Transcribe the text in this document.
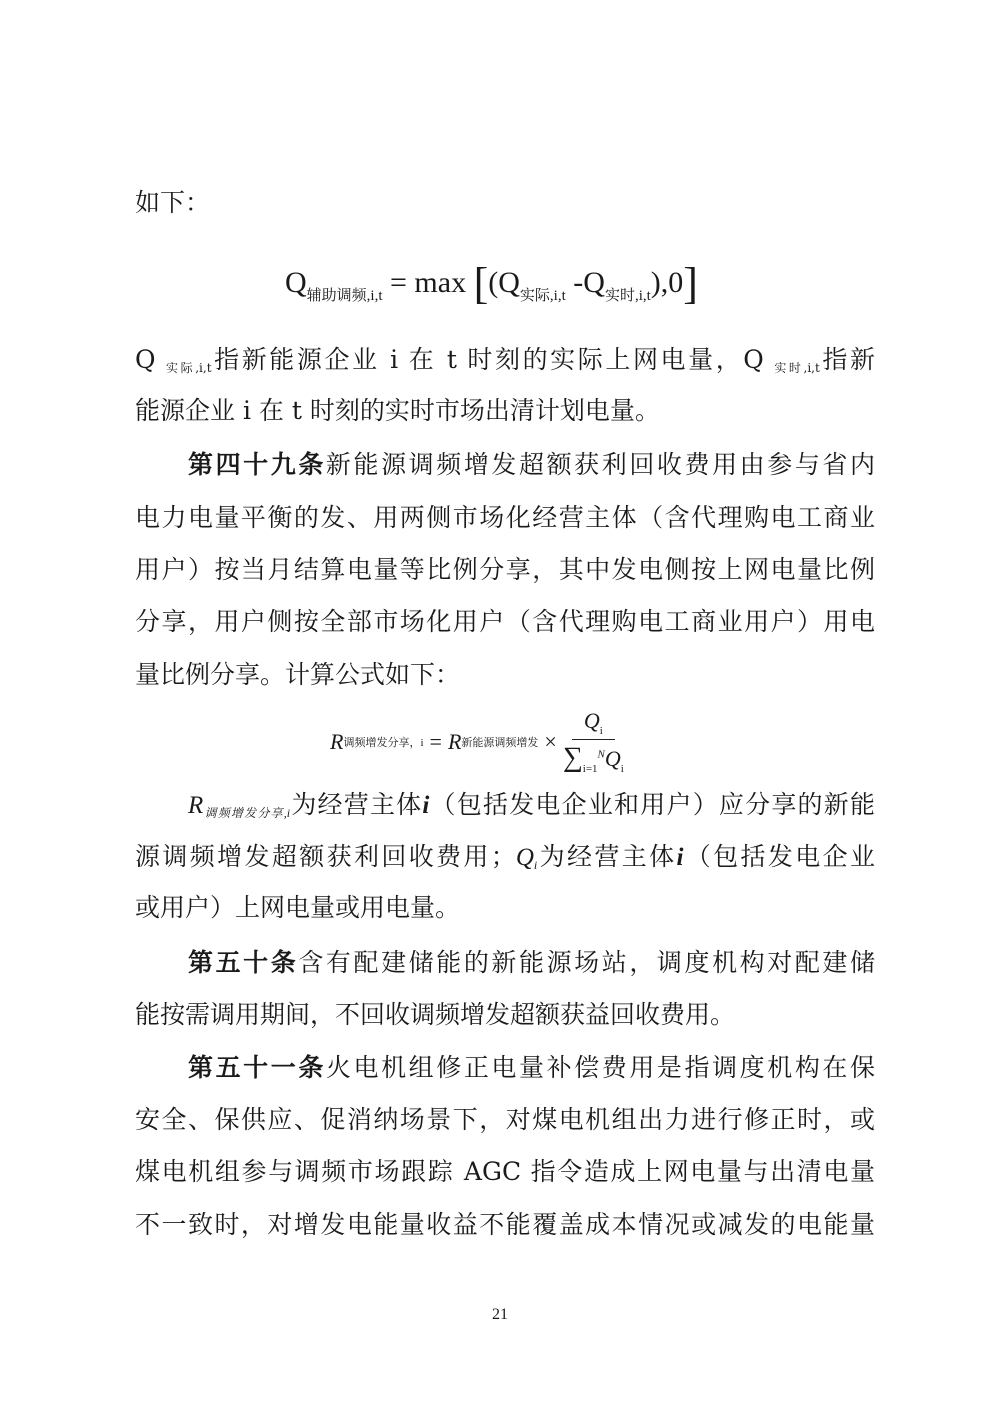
如下：
$Q_{辅助调频,i,t} = \max [(Q_{实际,i,t}$ $-Q_{实时,i,t}),0$]
Q $_{实际,i,t}$指新能源企业 i 在 t 时刻的实际上网电量，Q $_{实时,i,t}$指新
能源企业 i 在 t 时刻的实时市场出清计划电量。
第四十九条新能源调频增发超额获利回收费用由参与省内
电力电量平衡的发、用两侧市场化经营主体（含代理购电工商业
用户）按当月结算电量等比例分享，其中发电侧按上网电量比例
分享，用户侧按全部市场化用户（含代理购电工商业用户）用电
量比例分享。计算公式如下：
R 调频增发分享，i = R 新能源调频增发 × $\frac{Q_i}{\sum_{i=1}^NQ_i}$
$R_{调频增发分享,i}$为经营主体i（包括发电企业和用户）应分享的新能
源调频增发超额获利回收费用；$Q_i$为经营主体i（包括发电企业
或用户）上网电量或用电量。
第五十条含有配建储能的新能源场站，调度机构对配建储
能按需调用期间，不回收调频增发超额获益回收费用。
第五十一条火电机组修正电量补偿费用是指调度机构在保
安全、保供应、促消纳场景下，对煤电机组出力进行修正时，或
煤电机组参与调频市场跟踪 AGC 指令造成上网电量与出清电量
不一致时，对增发电能量收益不能覆盖成本情况或减发的电能量
21
